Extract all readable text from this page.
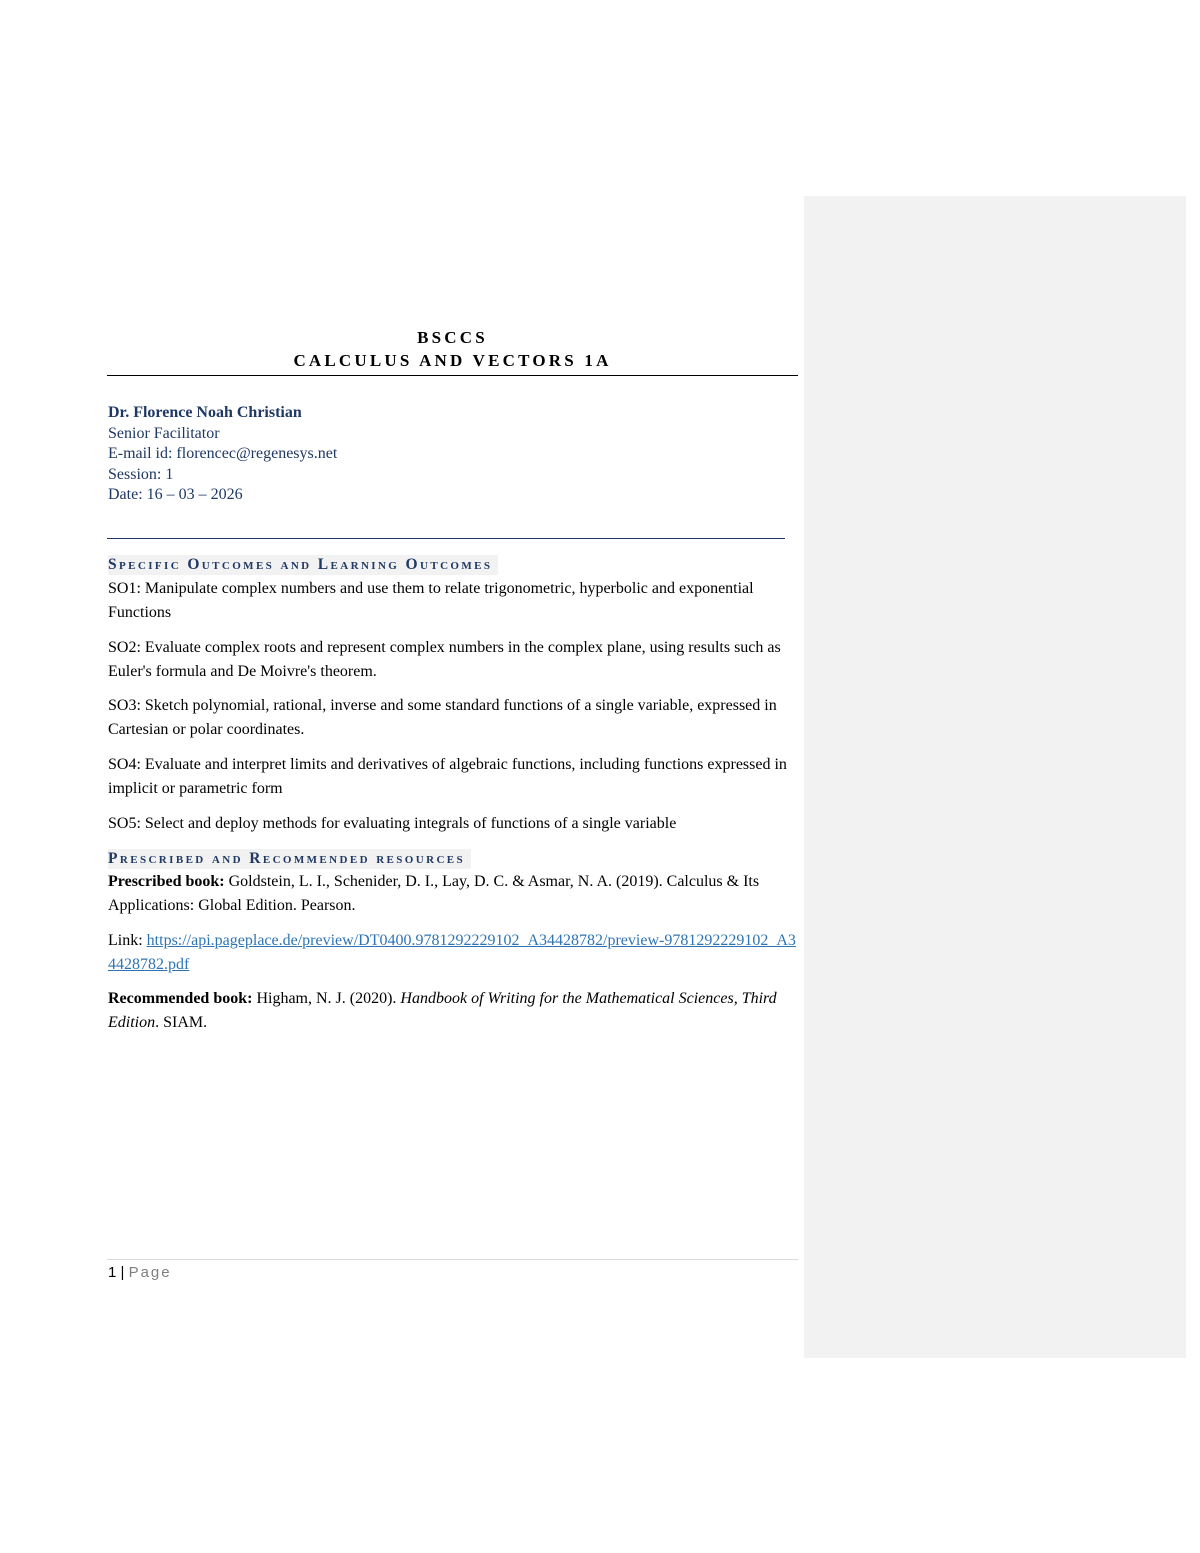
BSCCS
CALCULUS AND VECTORS 1A
Dr. Florence Noah Christian
Senior Facilitator
E-mail id: florencec@regenesys.net
Session: 1
Date: 16 – 03 – 2026
Specific Outcomes and Learning Outcomes
SO1: Manipulate complex numbers and use them to relate trigonometric, hyperbolic and exponential Functions
SO2: Evaluate complex roots and represent complex numbers in the complex plane, using results such as Euler's formula and De Moivre's theorem.
SO3: Sketch polynomial, rational, inverse and some standard functions of a single variable, expressed in Cartesian or polar coordinates.
SO4: Evaluate and interpret limits and derivatives of algebraic functions, including functions expressed in implicit or parametric form
SO5: Select and deploy methods for evaluating integrals of functions of a single variable
Prescribed and Recommended resources
Prescribed book: Goldstein, L. I., Schenider, D. I., Lay, D. C. & Asmar, N. A. (2019). Calculus & Its Applications: Global Edition. Pearson.
Link: https://api.pageplace.de/preview/DT0400.9781292229102_A34428782/preview-9781292229102_A34428782.pdf
Recommended book: Higham, N. J. (2020). Handbook of Writing for the Mathematical Sciences, Third Edition. SIAM.
1 | Page
